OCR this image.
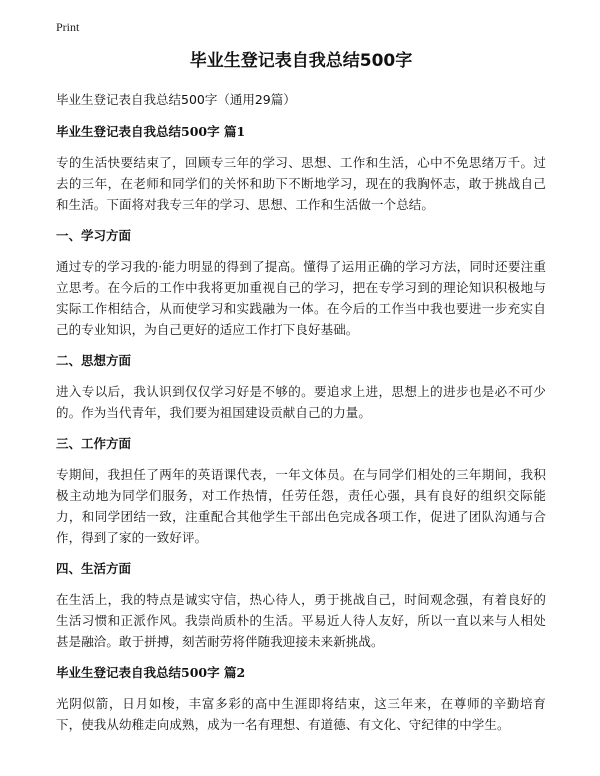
Print
毕业生登记表自我总结500字
毕业生登记表自我总结500字（通用29篇）
毕业生登记表自我总结500字 篇1
专的生活快要结束了，回顾专三年的学习、思想、工作和生活，心中不免思绪万千。过去的三年，在老师和同学们的关怀和助下不断地学习，现在的我胸怀志，敢于挑战自己和生活。下面将对我专三年的学习、思想、工作和生活做一个总结。
一、学习方面
通过专的学习我的·能力明显的得到了提高。懂得了运用正确的学习方法，同时还要注重立思考。在今后的工作中我将更加重视自己的学习，把在专学习到的理论知识积极地与实际工作相结合，从而使学习和实践融为一体。在今后的工作当中我也要进一步充实自己的专业知识，为自己更好的适应工作打下良好基础。
二、思想方面
进入专以后，我认识到仅仅学习好是不够的。要追求上进，思想上的进步也是必不可少的。作为当代青年，我们要为祖国建设贡献自己的力量。
三、工作方面
专期间，我担任了两年的英语课代表，一年文体员。在与同学们相处的三年期间，我积极主动地为同学们服务，对工作热情，任劳任怨，责任心强，具有良好的组织交际能力，和同学团结一致，注重配合其他学生干部出色完成各项工作，促进了团队沟通与合作，得到了家的一致好评。
四、生活方面
在生活上，我的特点是诚实守信，热心待人，勇于挑战自己，时间观念强，有着良好的生活习惯和正派作风。我崇尚质朴的生活。平易近人待人友好，所以一直以来与人相处甚是融洽。敢于拼搏，刻苦耐劳将伴随我迎接未来新挑战。
毕业生登记表自我总结500字 篇2
光阴似箭，日月如梭，丰富多彩的高中生涯即将结束，这三年来，在尊师的辛勤培育下，使我从幼稚走向成熟，成为一名有理想、有道德、有文化、守纪律的中学生。
